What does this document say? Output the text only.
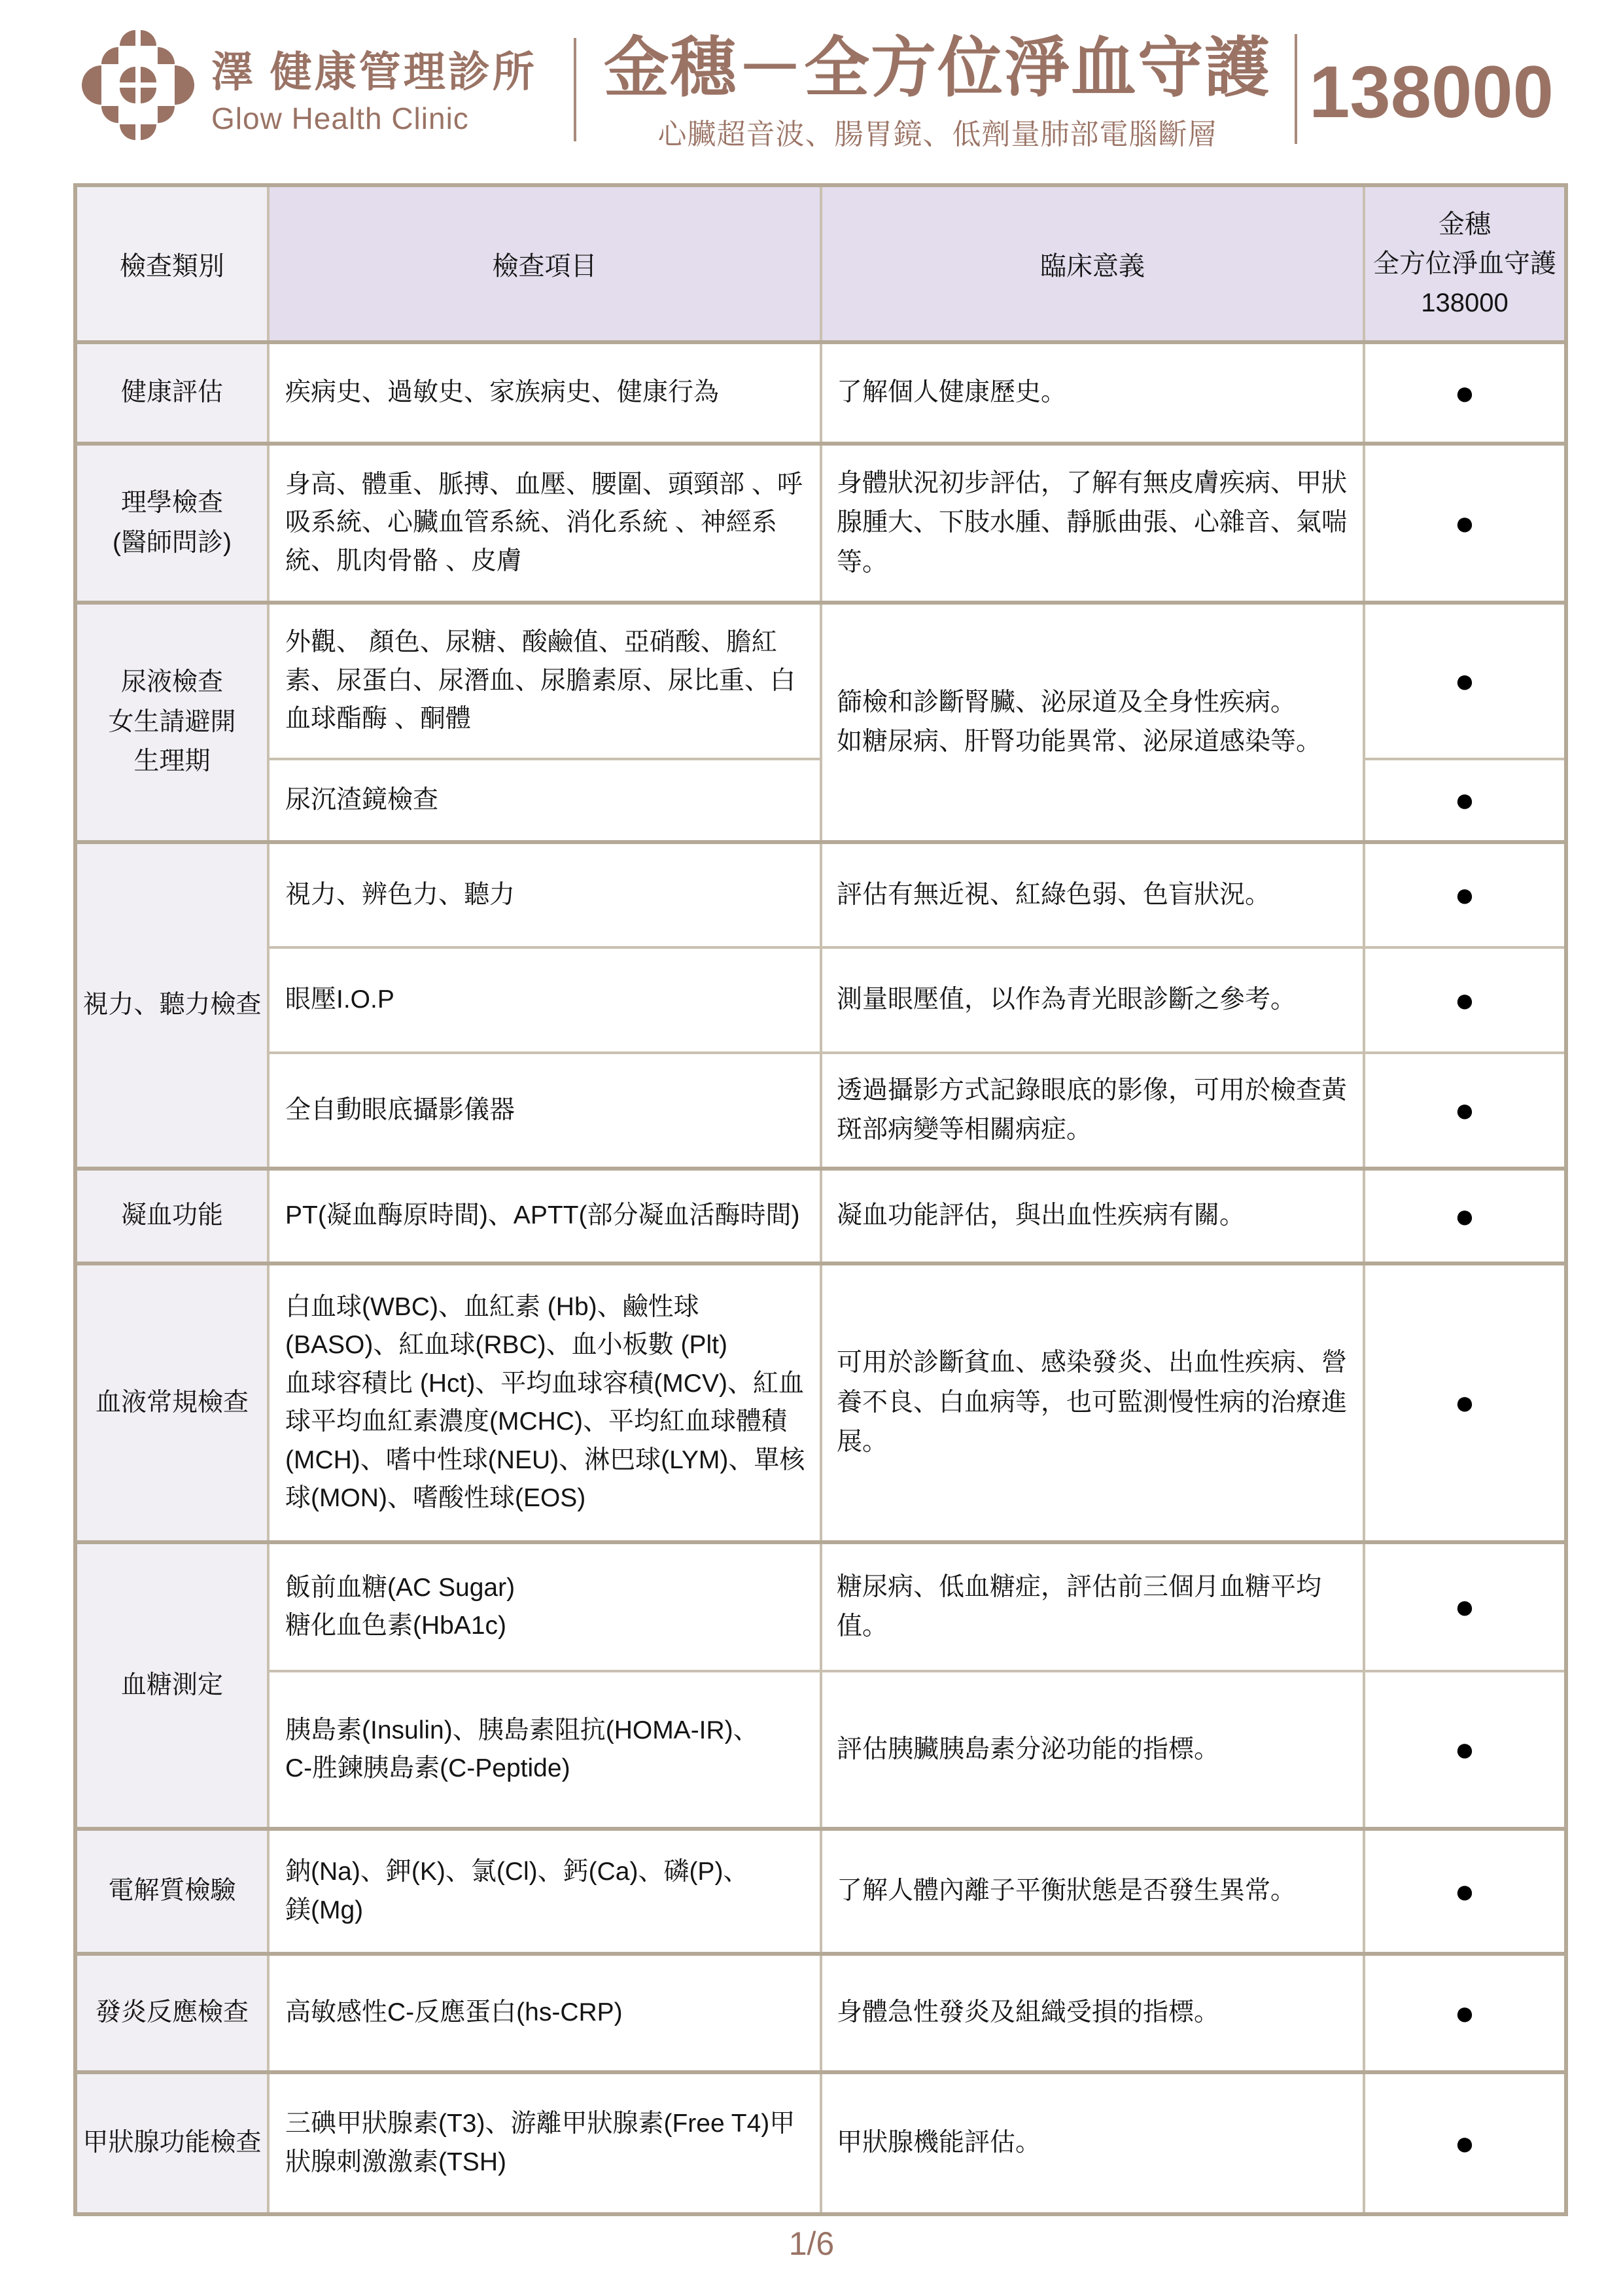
澤 健康管理診所
Glow Health Clinic
金穗－全方位淨血守護
心臟超音波、腸胃鏡、低劑量肺部電腦斷層
138000
檢查類別	檢查項目	臨床意義	金穗
全方位淨血守護
138000
健康評估	疾病史、過敏史、家族病史、健康行為	了解個人健康歷史。	●
理學檢查
(醫師問診)	身高、體重、脈搏、血壓、腰圍、頭頸部 、呼吸系統、心臟血管系統、消化系統 、神經系統、肌肉骨骼 、皮膚	身體狀況初步評估，了解有無皮膚疾病、甲狀腺腫大、下肢水腫、靜脈曲張、心雜音、氣喘等。	●
尿液檢查
女生請避開
生理期	外觀、 顏色、尿糖、酸鹼值、亞硝酸、膽紅素、尿蛋白、尿潛血、尿膽素原、尿比重、白血球酯酶 、酮體	篩檢和診斷腎臟、泌尿道及全身性疾病。
如糖尿病、肝腎功能異常、泌尿道感染等。	●
	尿沉渣鏡檢查		●
視力、聽力檢查	視力、辨色力、聽力	評估有無近視、紅綠色弱、色盲狀況。	●
	眼壓I.O.P	測量眼壓值，以作為青光眼診斷之參考。	●
	全自動眼底攝影儀器	透過攝影方式記錄眼底的影像，可用於檢查黃斑部病變等相關病症。	●
凝血功能	PT(凝血酶原時間)、APTT(部分凝血活酶時間)	凝血功能評估，與出血性疾病有關。	●
血液常規檢查	白血球(WBC)、血紅素 (Hb)、鹼性球(BASO)、紅血球(RBC)、血小板數 (Plt)
血球容積比 (Hct)、平均血球容積(MCV)、紅血球平均血紅素濃度(MCHC)、平均紅血球體積(MCH)、嗜中性球(NEU)、淋巴球(LYM)、單核球(MON)、嗜酸性球(EOS)	可用於診斷貧血、感染發炎、出血性疾病、營養不良、白血病等，也可監測慢性病的治療進展。	●
血糖測定	飯前血糖(AC Sugar)
糖化血色素(HbA1c)	糖尿病、低血糖症，評估前三個月血糖平均值。	●
	胰島素(Insulin)、胰島素阻抗(HOMA-IR)、
C-胜鍊胰島素(C-Peptide)	評估胰臟胰島素分泌功能的指標。	●
電解質檢驗	鈉(Na)、鉀(K)、氯(Cl)、鈣(Ca)、磷(P)、
鎂(Mg)	了解人體內離子平衡狀態是否發生異常。	●
發炎反應檢查	高敏感性C-反應蛋白(hs-CRP)	身體急性發炎及組織受損的指標。	●
甲狀腺功能檢查	三碘甲狀腺素(T3)、游離甲狀腺素(Free T4)甲狀腺刺激激素(TSH)	甲狀腺機能評估。	●
1/6
